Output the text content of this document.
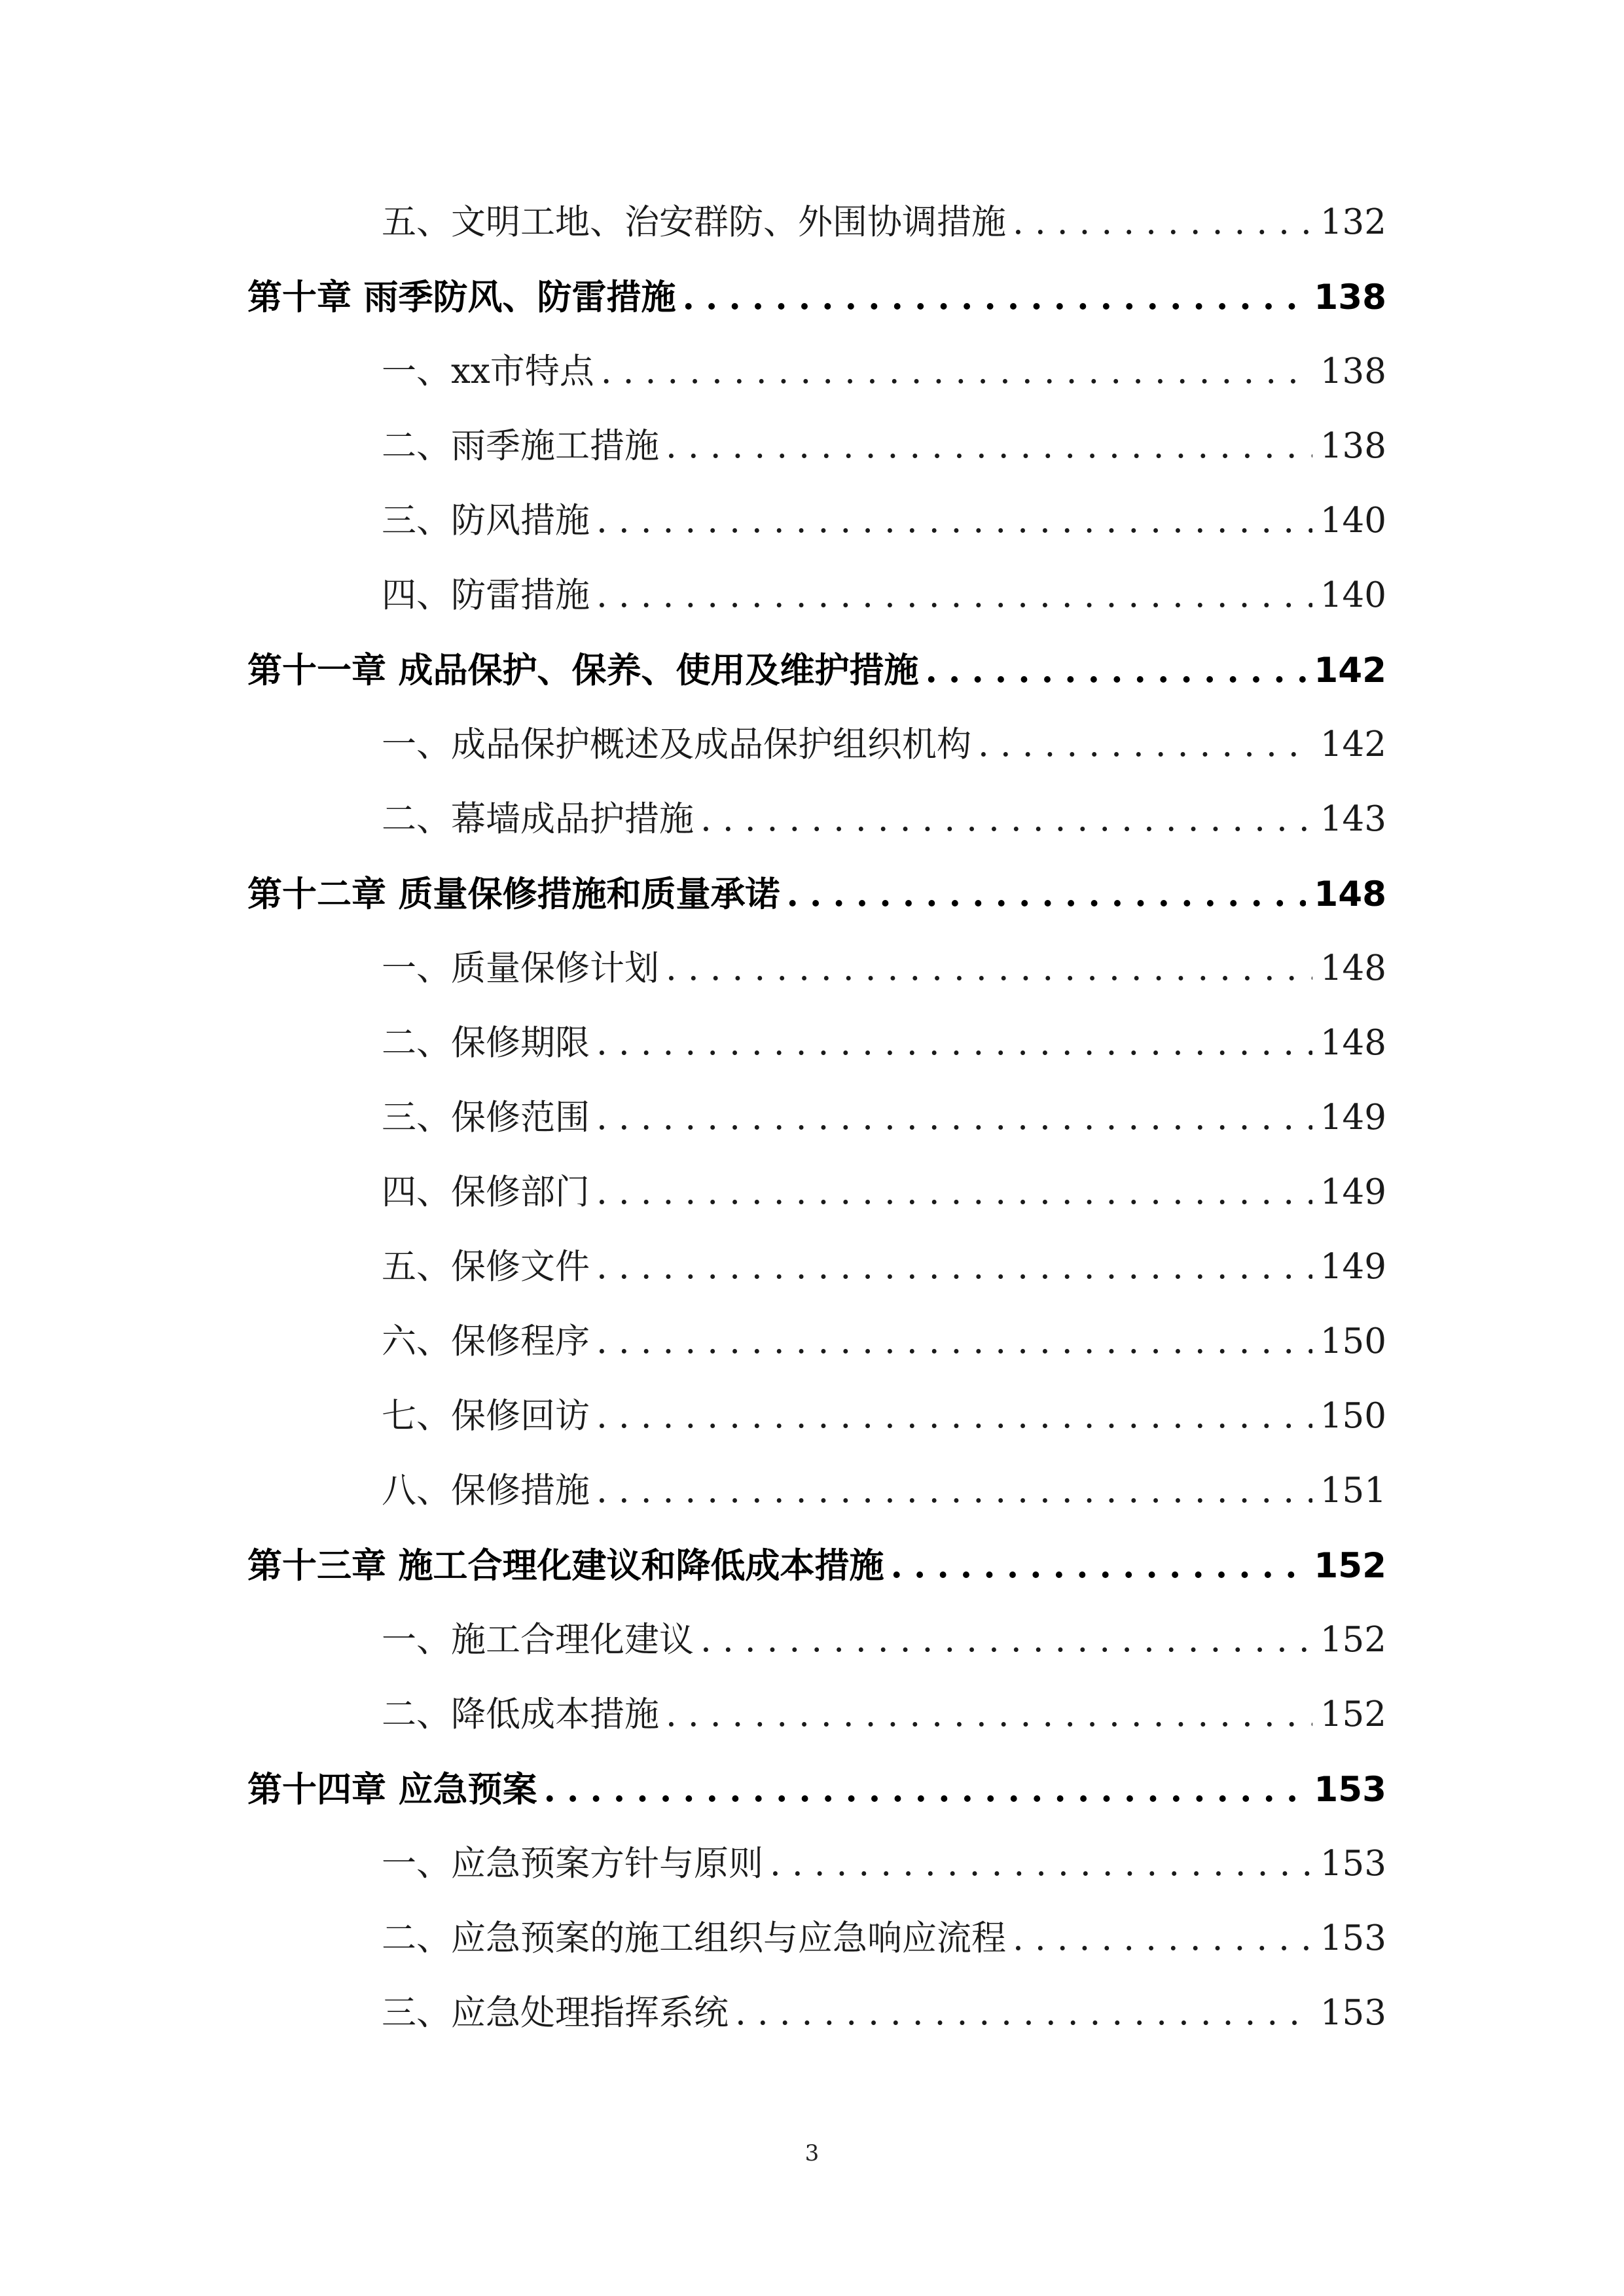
五、文明工地、治安群防、外围协调措施 .....	132
第十章 雨季防风、防雷措施 .....	138
一、xx市特点 .....	138
二、雨季施工措施 .....	138
三、防风措施 .....	140
四、防雷措施 .....	140
第十一章 成品保护、保养、使用及维护措施 .....	142
一、成品保护概述及成品保护组织机构 .....	142
二、幕墙成品护措施 .....	143
第十二章 质量保修措施和质量承诺 .....	148
一、质量保修计划 .....	148
二、保修期限 .....	148
三、保修范围 .....	149
四、保修部门 .....	149
五、保修文件 .....	149
六、保修程序 .....	150
七、保修回访 .....	150
八、保修措施 .....	151
第十三章 施工合理化建议和降低成本措施 .....	152
一、施工合理化建议 .....	152
二、降低成本措施 .....	152
第十四章 应急预案 .....	153
一、应急预案方针与原则 .....	153
二、应急预案的施工组织与应急响应流程 .....	153
三、应急处理指挥系统 .....	153
3
